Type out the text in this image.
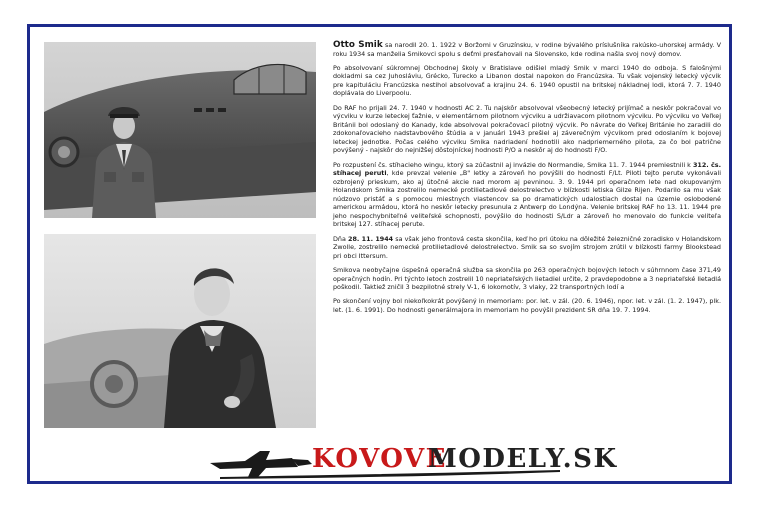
Otto Smik sa narodil 20. 1. 1922 v Boržomi v Gruzínsku, v rodine bývalého príslušníka rakúsko-uhorskej armády. V roku 1934 sa manželia Smikovci spolu s deťmi presťahovali na Slovensko, kde rodina našla svoj nový domov.

Po absolvovaní súkromnej Obchodnej školy v Bratislave odišiel mladý Smik v marci 1940 do odboja. S falošnými dokladmi sa cez Juhosláviu, Grécko, Turecko a Libanon dostal napokon do Francúzska. Tu však vojenský letecký výcvik pre kapituláciu Francúzska nestihol absolvovať a krajinu 24. 6. 1940 opustil na britskej nákladnej lodi, ktorá 7. 7. 1940 doplávala do Liverpoolu.

Do RAF ho prijali 24. 7. 1940 v hodnosti AC 2. Tu najskôr absolvoval všeobecný letecký prijímač a neskôr pokračoval vo výcviku v kurze leteckej ťažnie, v elementárnom pilotnom výcviku a udržiavacom pilotnom výcviku. Po výcviku vo Veľkej Británii bol odoslaný do Kanady, kde absolvoval pokračovací pilotný výcvik. Po návrate do Veľkej Británie ho zaradili do zdokonaľovacieho nadstavbového štúdia a v januári 1943 prešiel aj záverečným výcvikom pred odoslaním k bojovej leteckej jednotke. Počas celého výcviku Smika nadriadení hodnotili ako nadpriemerného pilota, za čo bol patrične povýšený - najskôr do nejnižšej dôstojníckej hodnosti P/O a neskôr aj do hodnosti F/O.

Po rozpustení čs. stíhacieho wingu, ktorý sa zúčastnil aj invázie do Normandie, Smika 11. 7. 1944 premiestnili k 312. čs. stíhacej peruti, kde prevzal velenie „B" letky a zároveň ho povýšili do hodnosti F/Lt. Piloti tejto perute vykonávali ozbrojený prieskum, ako aj útočné akcie nad morom aj pevninou. 3. 9. 1944 pri operačnom lete nad okupovaným Holandskom Smika zostrelilo nemecké protilietadlové delostrelectvo v blízkosti letiska Gilze Rijen. Podarilo sa mu však núdzovo pristáť a s pomocou miestnych vlastencov sa po dramatických udalostiach dostal na územie oslobodené americkou armádou, ktorá ho neskôr letecky presunula z Antwerp do Londýna. Velenie britskej RAF ho 13. 11. 1944 pre jeho nespochybniteľné veliteľské schopnosti, povýšilo do hodnosti S/Ldr a zároveň ho menovalo do funkcie veliteľa britskej 127. stíhacej perute.

Dňa 28. 11. 1944 sa však jeho frontová cesta skončila, keď ho pri útoku na dôležité železničné zoradisko v Holandskom Zwolle, zostrelilo nemecké protilietadlové delostrelectvo. Smik sa so svojím strojom zrútil v blízkosti farmy Blookstead pri obci Ittersum.

Smikova neobyčajne úspešná operačná služba sa skončila po 263 operačných bojových letoch v súhrnnom čase 371,49 operačných hodín. Pri týchto letoch zostrelil 10 nepriateľských lietadiel určite, 2 pravdepodobne a 3 nepriateľské lietadlá poškodil. Taktiež zničil 3 bezpilotné strely V-1, 6 lokomotív, 3 vlaky, 22 transportných lodí a

Po skončení vojny bol niekoľkokrát povýšený in memoriam: por. let. v zál. (20. 6. 1946), npor. let. v zál. (1. 2. 1947), plk. let. (1. 6. 1991). Do hodnosti generálmajora in memoriam ho povýšil prezident SR dňa 19. 7. 1994.

KOVOVE
MODELY.SK
